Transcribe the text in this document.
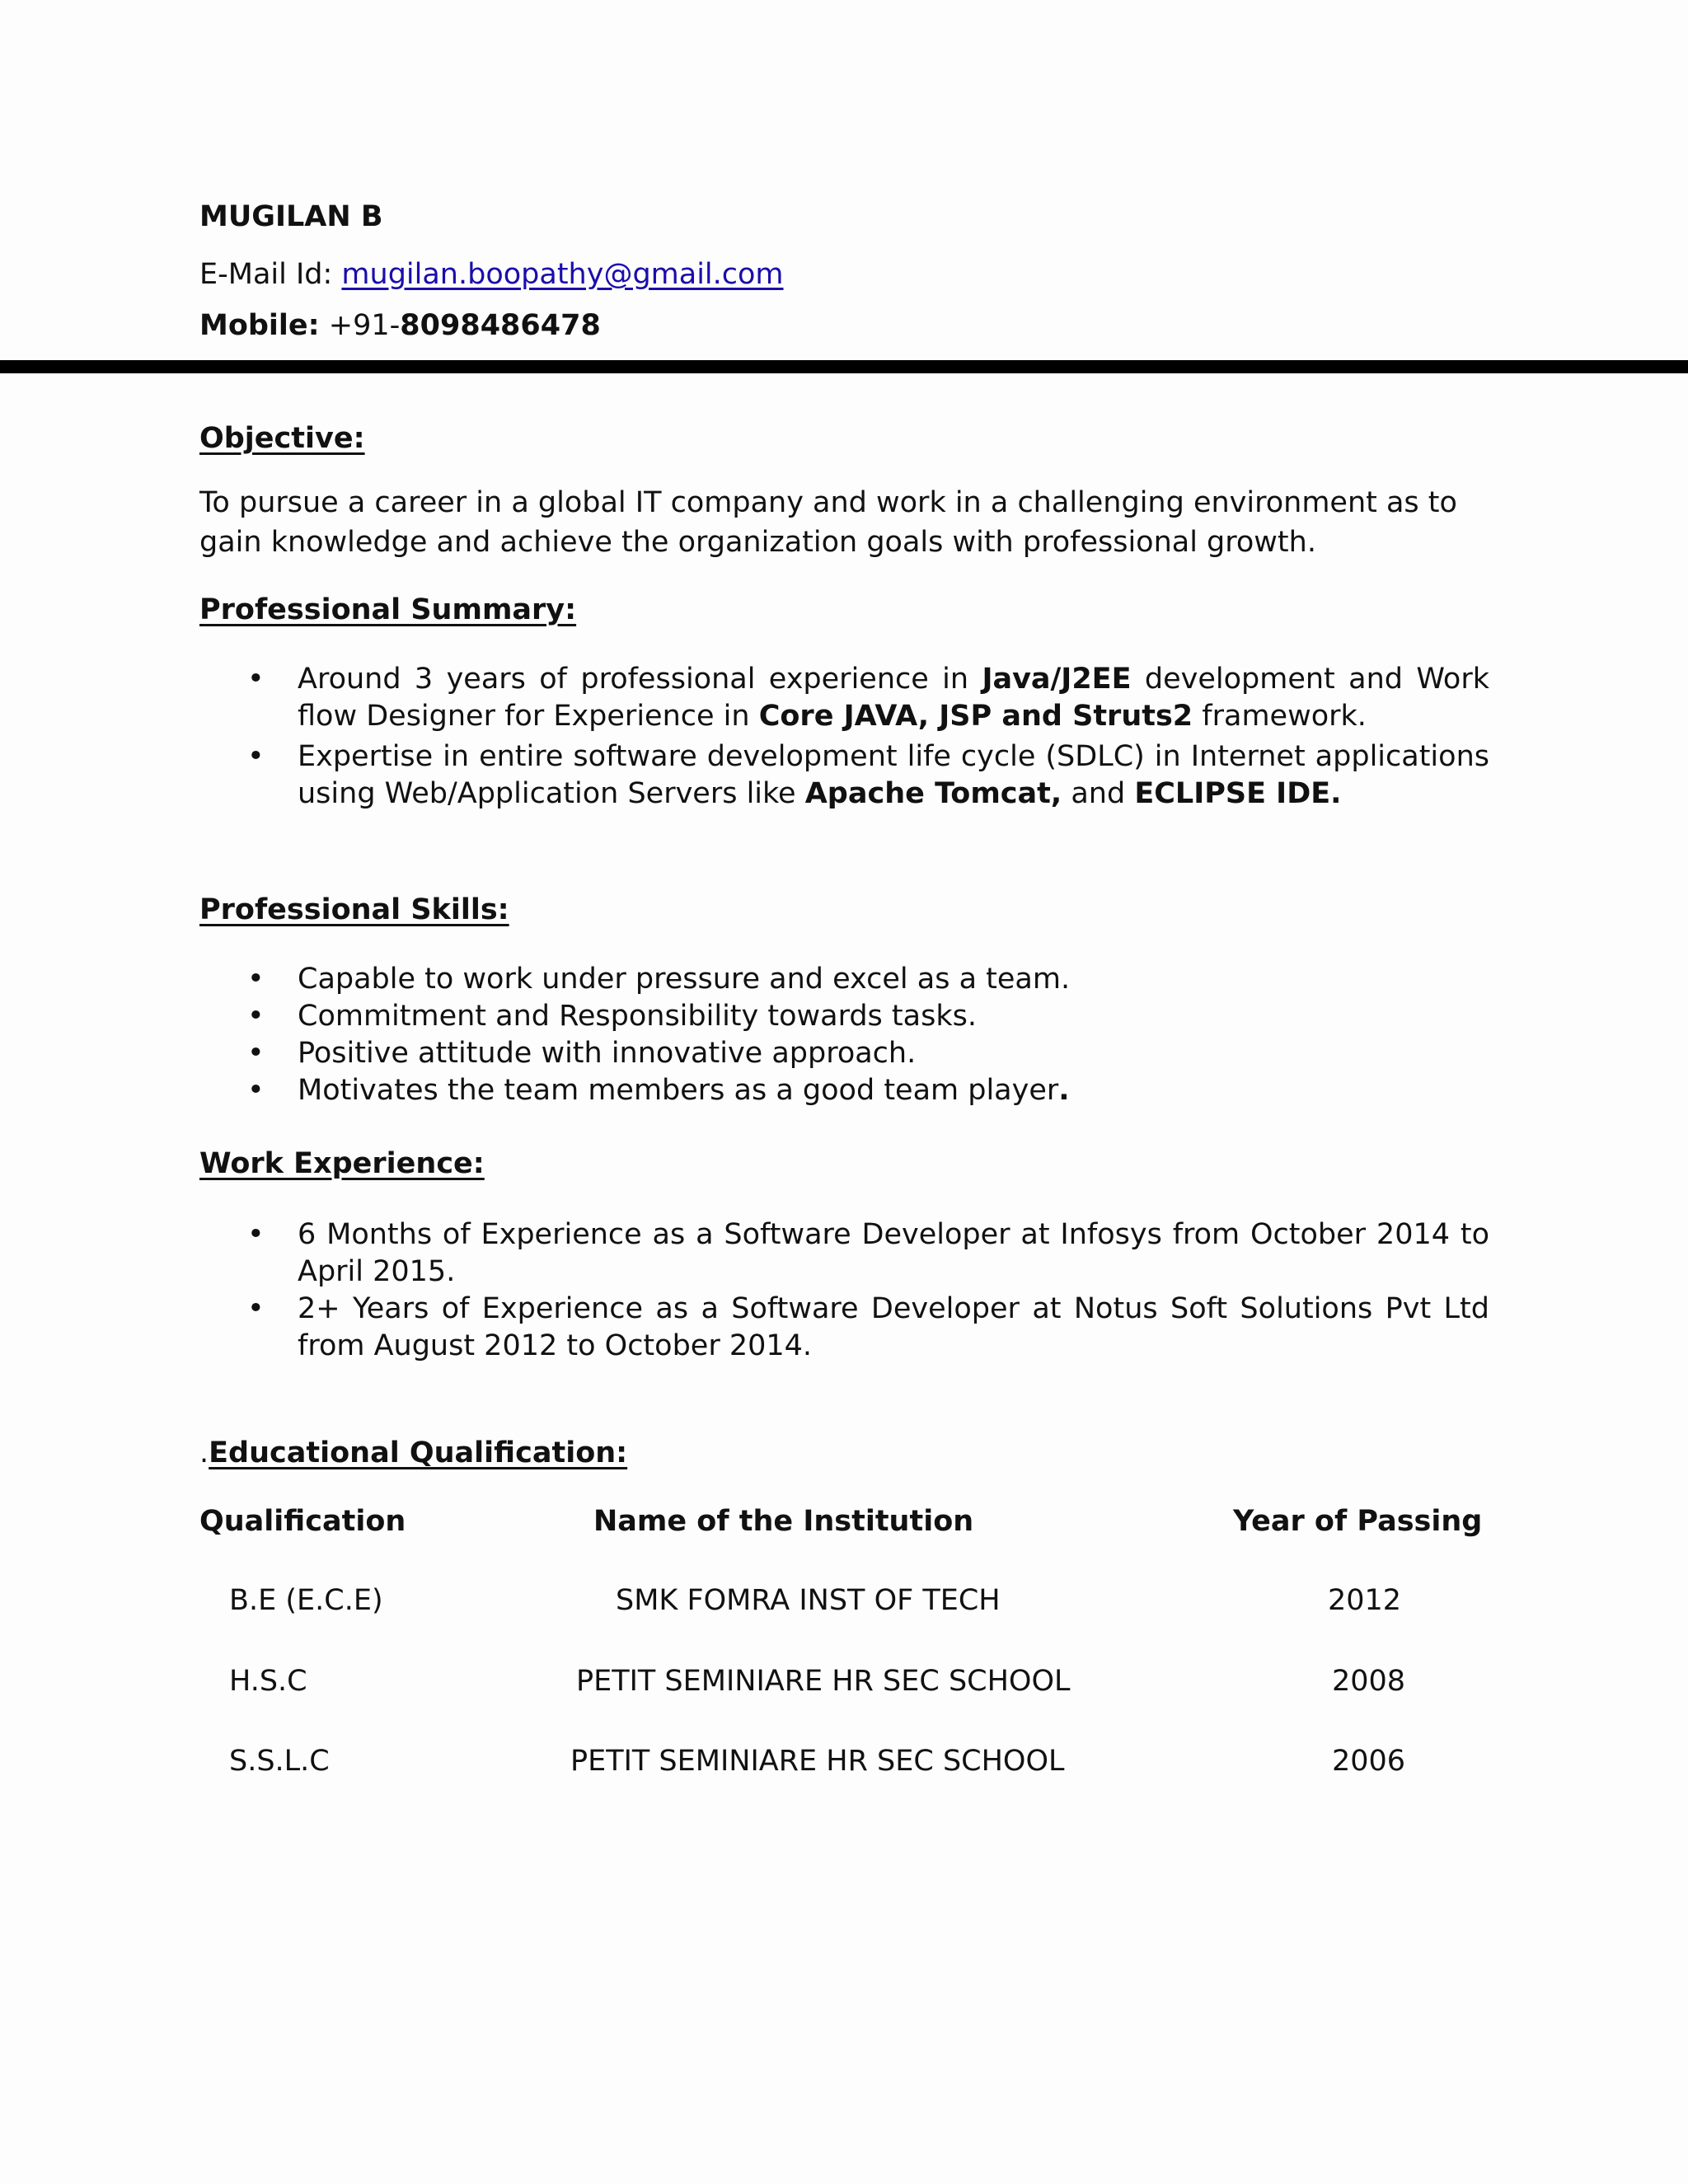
MUGILAN B
E-Mail Id: mugilan.boopathy@gmail.com
Mobile: +91-8098486478
Objective:
To pursue a career in a global IT company and work in a challenging environment as to gain knowledge and achieve the organization goals with professional growth.
Professional Summary:
• Around 3 years of professional experience in Java/J2EE development and Work flow Designer for Experience in Core JAVA, JSP and Struts2 framework.
• Expertise in entire software development life cycle (SDLC) in Internet applications using Web/Application Servers like Apache Tomcat, and ECLIPSE IDE.
Professional Skills:
• Capable to work under pressure and excel as a team.
• Commitment and Responsibility towards tasks.
• Positive attitude with innovative approach.
• Motivates the team members as a good team player.
Work Experience:
• 6 Months of Experience as a Software Developer at Infosys from October 2014 to April 2015.
• 2+ Years of Experience as a Software Developer at Notus Soft Solutions Pvt Ltd from August 2012 to October 2014.
.Educational Qualification:
Qualification	Name of the Institution	Year of Passing
B.E (E.C.E)	SMK FOMRA INST OF TECH	2012
H.S.C	PETIT SEMINIARE HR SEC SCHOOL	2008
S.S.L.C	PETIT SEMINIARE HR SEC SCHOOL	2006
